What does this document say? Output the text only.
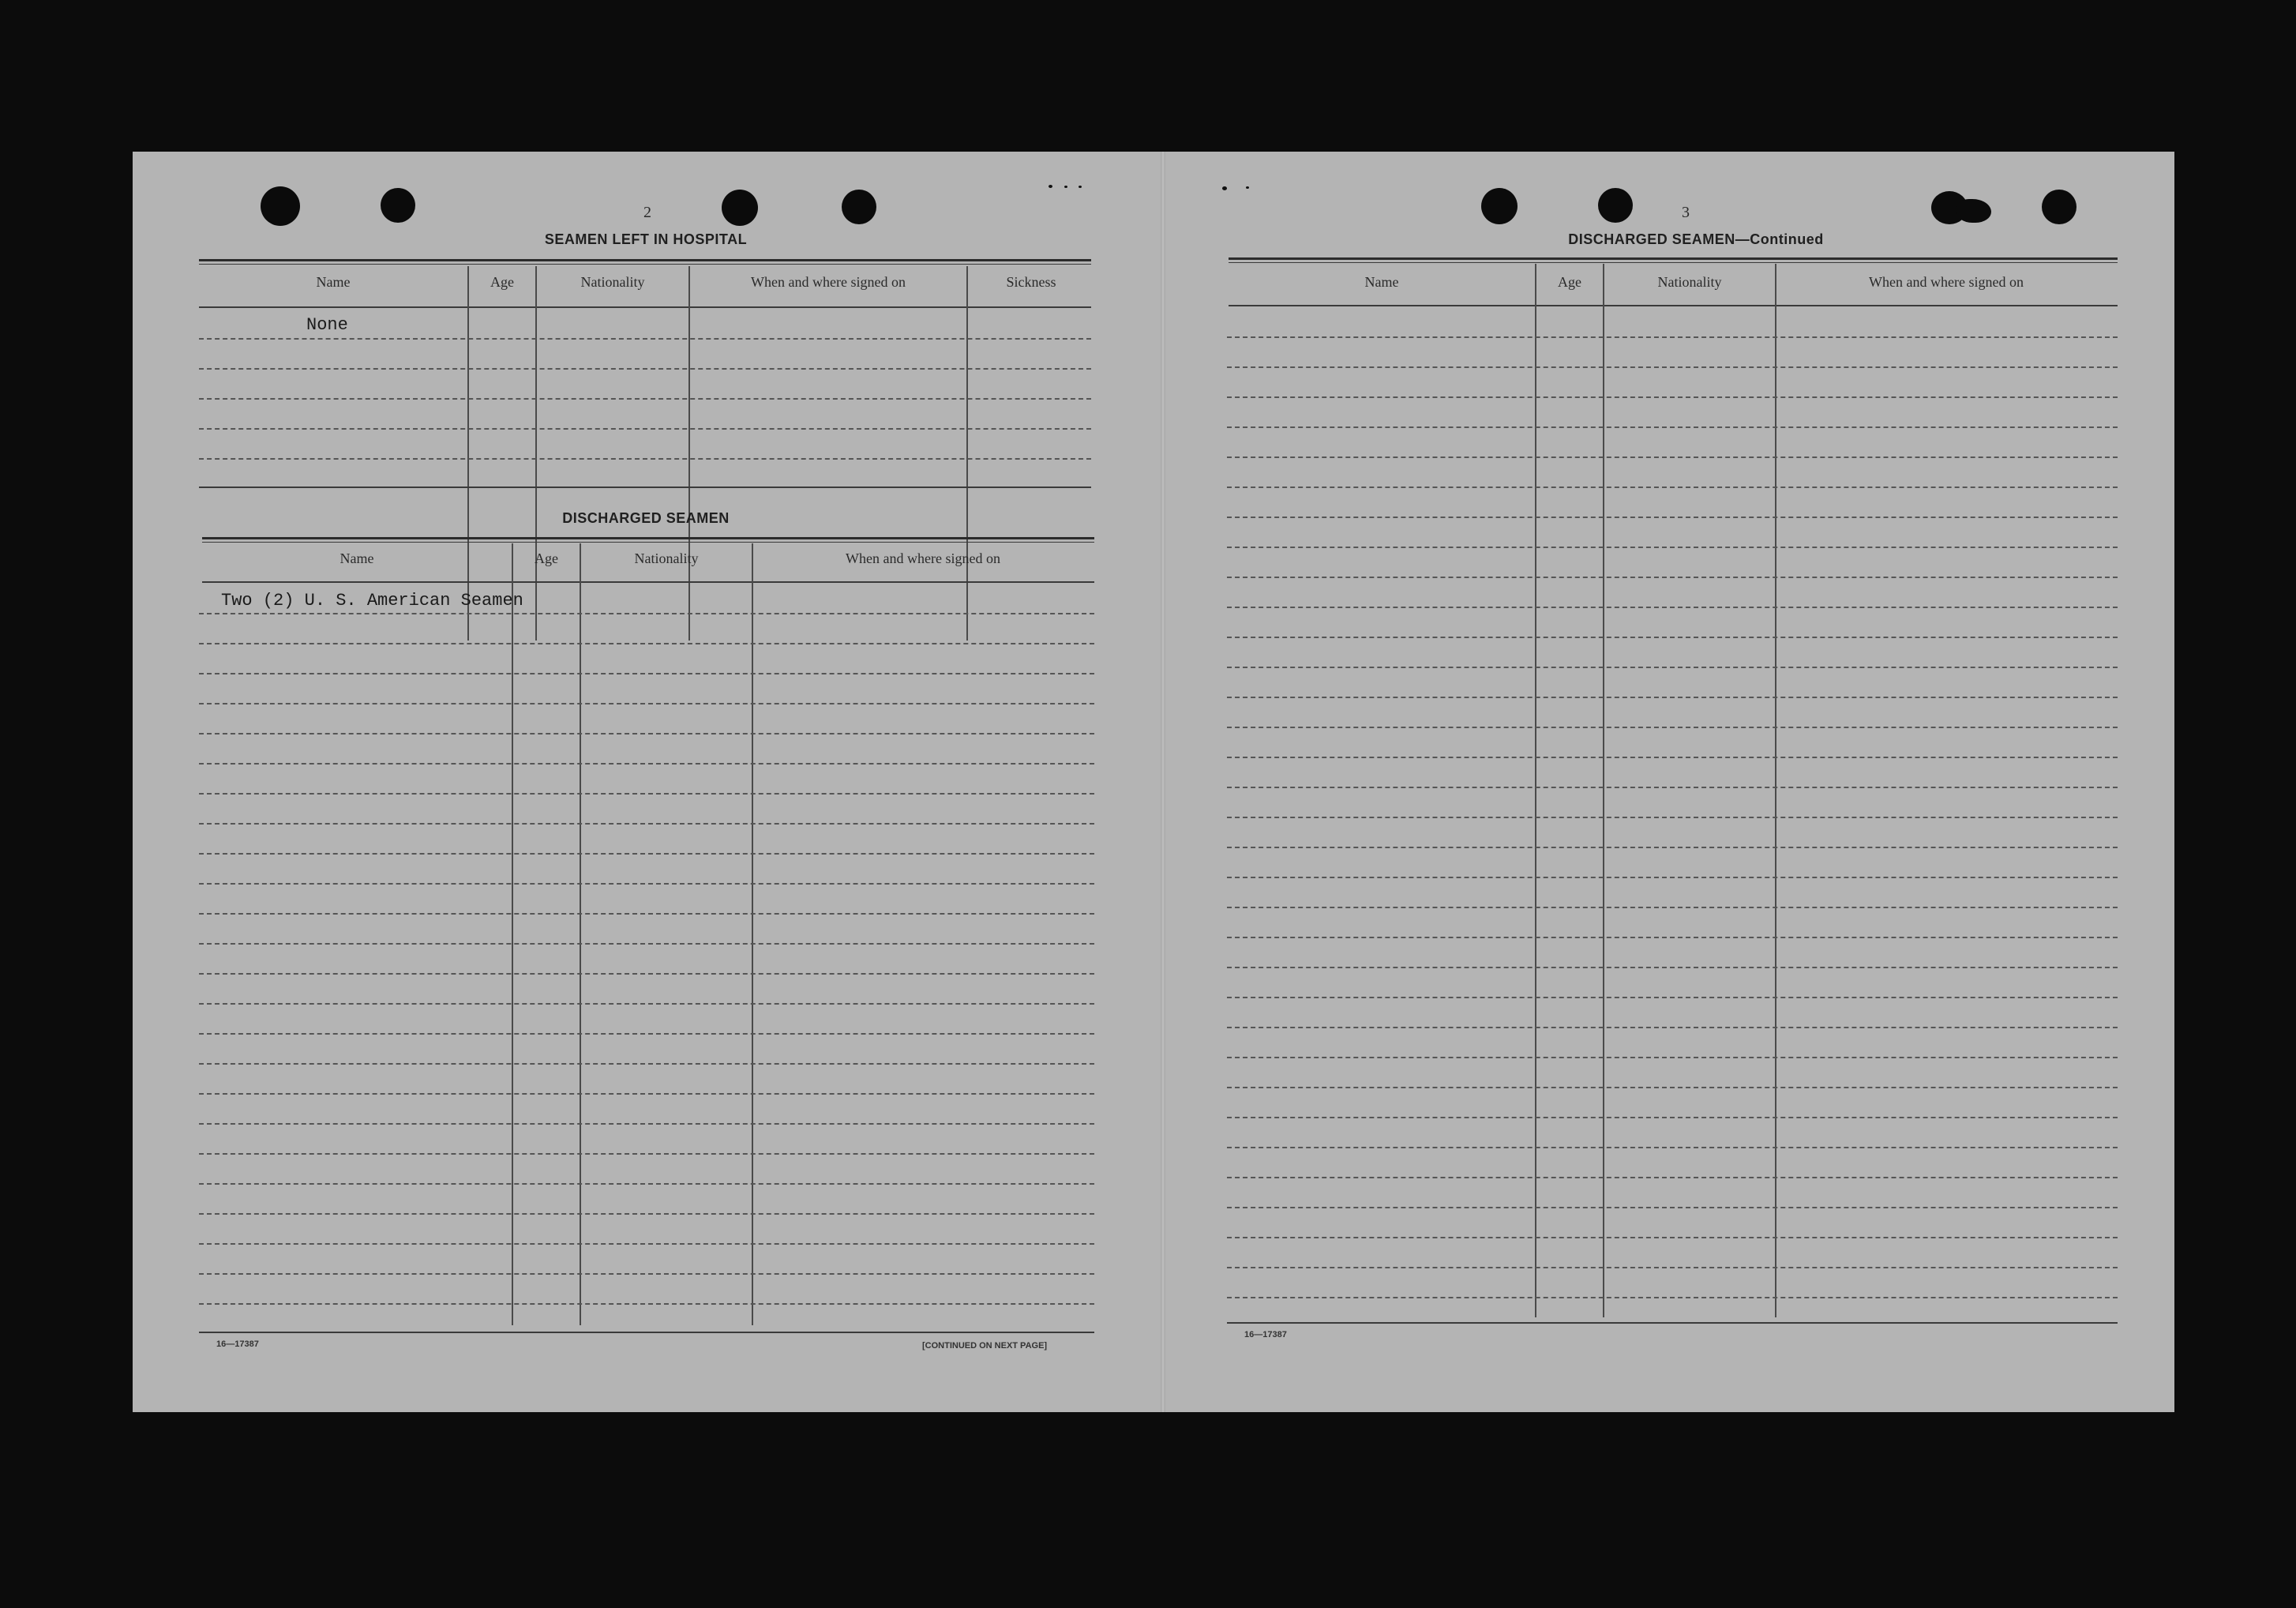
2
SEAMEN LEFT IN HOSPITAL
Name	Age	Nationality	When and where signed on	Sickness
None
DISCHARGED SEAMEN
Name	Age	Nationality	When and where signed on
Two (2) U. S. American Seamen
16—17387	[CONTINUED ON NEXT PAGE]
3
DISCHARGED SEAMEN—Continued
Name	Age	Nationality	When and where signed on
16—17387
